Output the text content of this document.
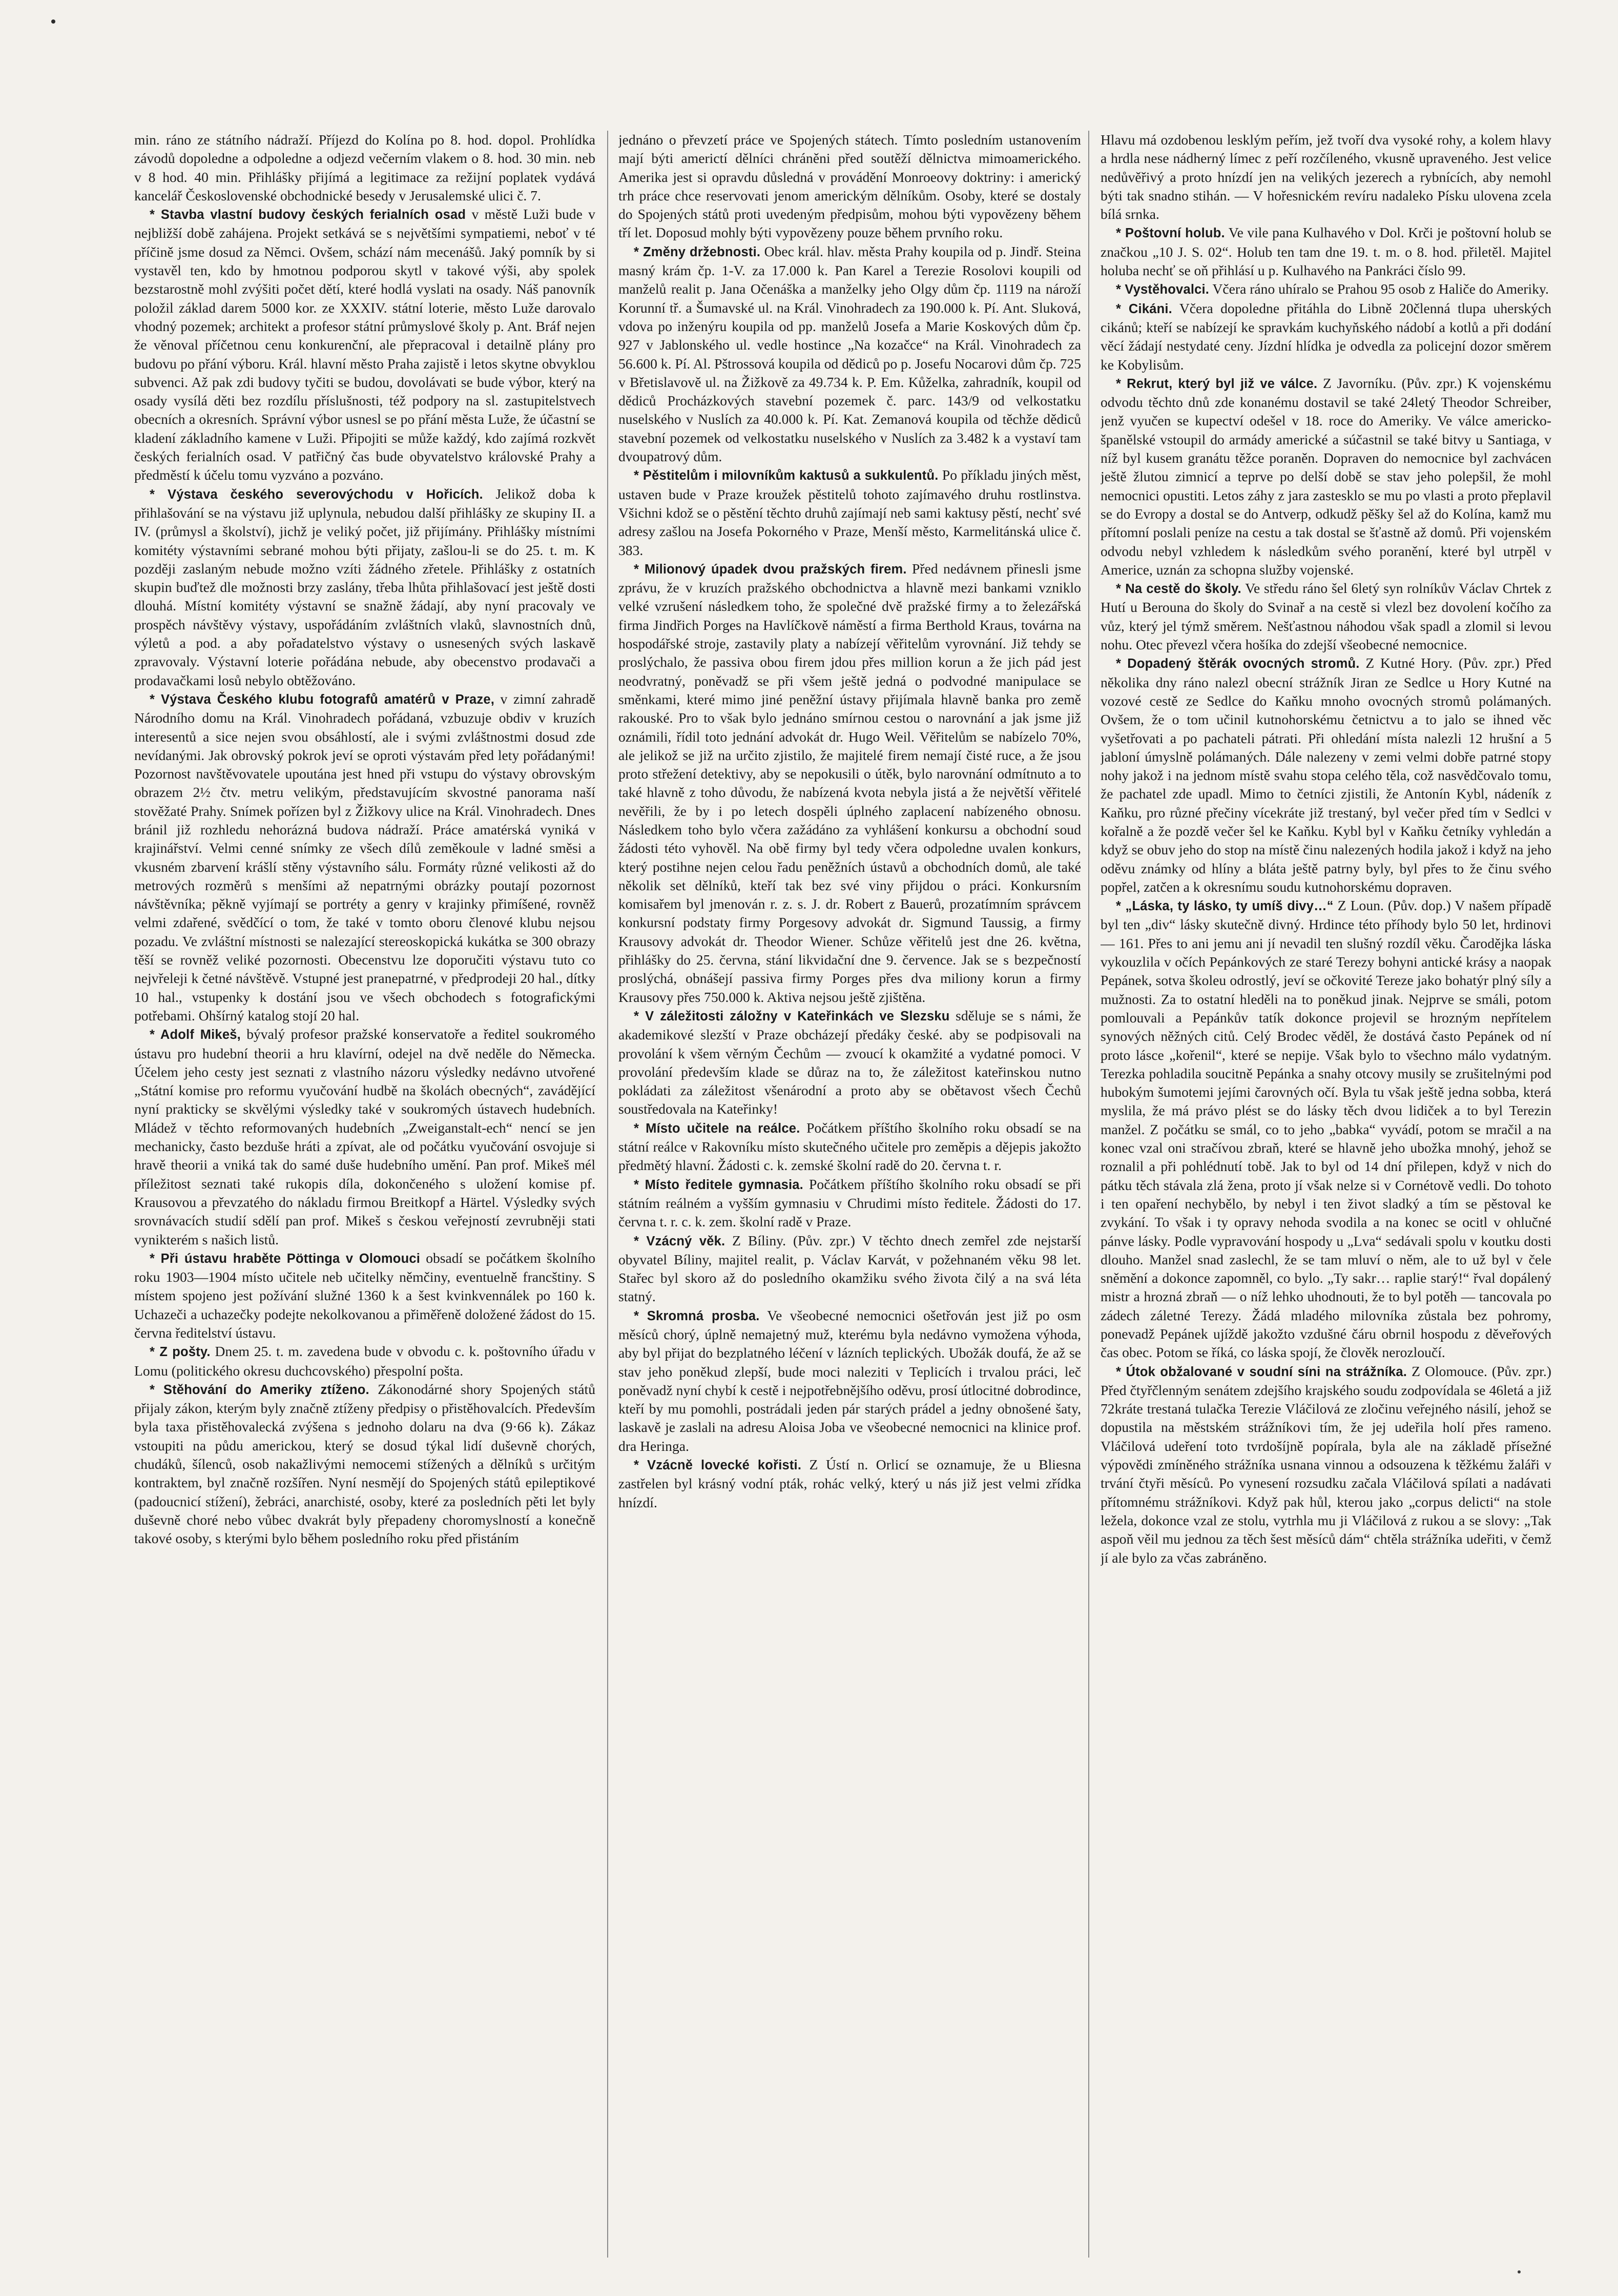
min. ráno ze státního nádraží. Příjezd do Kolína po 8. hod. dopol. Prohlídka závodů dopoledne a odpoledne a odjezd večerním vlakem o 8. hod. 30 min. neb v 8 hod. 40 min. Přihlášky přijímá a legitimace za režijní poplatek vydává kancelář Československé obchodnické besedy v Jerusalemské ulici č. 7.

* Stavba vlastní budovy českých ferialních osad v městě Luži bude v nejbližší době zahájena. Projekt setkává se s největšími sympatiemi, neboť v té příčině jsme dosud za Němci. Ovšem, schází nám mecenášů. Jaký pomník by si vystavěl ten, kdo by hmotnou podporou skytl v takové výši, aby spolek bezstarostně mohl zvýšiti počet dětí, které hodlá vyslati na osady. Náš panovník položil základ darem 5000 kor. ze XXXIV. státní loterie, město Luže darovalo vhodný pozemek; architekt a profesor státní průmyslové školy p. Ant. Bráf nejen že věnoval příčetnou cenu konkurenční, ale přepracoval i detailně plány pro budovu po přání výboru. Král. hlavní město Praha zajistě i letos skytne obvyklou subvenci. Až pak zdi budovy tyčiti se budou, dovolávati se bude výbor, který na osady vysílá děti bez rozdílu příslušnosti, též podpory na sl. zastupitelstvech obecních a okresních. Správní výbor usnesl se po přání města Luže, že účastní se kladení základního kamene v Luži. Připojiti se může každý, kdo zajímá rozkvět českých ferialních osad. V patřičný čas bude obyvatelstvo královské Prahy a předměstí k účelu tomu vyzváno a pozváno.

* Výstava českého severovýchodu v Hořicích. Jelikož doba k přihlašování se na výstavu již uplynula, nebudou další přihlášky ze skupiny II. a IV. (průmysl a školství), jichž je veliký počet, již přijímány. Přihlášky místními komitéty výstavními sebrané mohou býti přijaty, zašlou-li se do 25. t. m. K později zaslaným nebude možno vzíti žádného zřetele. Přihlášky z ostatních skupin buďtež dle možnosti brzy zaslány, třeba lhůta přihlašovací jest ještě dosti dlouhá. Místní komitéty výstavní se snažně žádají, aby nyní pracovaly ve prospěch návštěvy výstavy, uspořádáním zvláštních vlaků, slavnostních dnů, výletů a pod. a aby pořadatelstvo výstavy o usnesených svých laskavě zpravovaly. Výstavní loterie pořádána nebude, aby obecenstvo prodavači a prodavačkami losů nebylo obtěžováno.

* Výstava Českého klubu fotografů amatérů v Praze, v zimní zahradě Národního domu na Král. Vinohradech pořádaná, vzbuzuje obdiv v kruzích interesentů a sice nejen svou obsáhlostí, ale i svými zvláštnostmi dosud zde nevídanými. Jak obrovský pokrok jeví se oproti výstavám před lety pořádanými! Pozornost navštěvovatele upoutána jest hned při vstupu do výstavy obrovským obrazem 2½ čtv. metru velikým, představujícím skvostné panorama naší stověžaté Prahy. Snímek pořízen byl z Žižkovy ulice na Král. Vinohradech. Dnes bránil již rozhledu nehorázná budova nádraží. Práce amatérská vyniká v krajinářství. Velmi cenné snímky ze všech dílů zeměkoule v ladné směsi a vkusném zbarvení krášlí stěny výstavního sálu. Formáty různé velikosti až do metrových rozměrů s menšími až nepatrnými obrázky poutají pozornost návštěvníka; pěkně vyjímají se portréty a genry v krajinky přimíšené, rovněž velmi zdařené, svědčící o tom, že také v tomto oboru členové klubu nejsou pozadu. Ve zvláštní místnosti se nalezající stereoskopická kukátka se 300 obrazy těší se rovněž veliké pozornosti. Obecenstvu lze doporučiti výstavu tuto co nejvřeleji k četné návštěvě. Vstupné jest pranepatrné, v předprodeji 20 hal., dítky 10 hal., vstupenky k dostání jsou ve všech obchodech s fotografickými potřebami. Ohšírný katalog stojí 20 hal.

* Adolf Mikeš, bývalý profesor pražské konservatoře a ředitel soukromého ústavu pro hudební theorii a hru klavírní, odejel na dvě neděle do Německa. Účelem jeho cesty jest seznati z vlastního názoru výsledky nedávno utvořené „Státní komise pro reformu vyučování hudbě na školách obecných“, zavádějící nyní prakticky se skvělými výsledky také v soukromých ústavech hudebních. Mládež v těchto reformovaných hudebních „Zweiganstalt-ech“ nencí se jen mechanicky, často bezduše hráti a zpívat, ale od počátku vyučování osvojuje si hravě theorii a vniká tak do samé duše hudebního umění. Pan prof. Mikeš mél příležitost seznati také rukopis díla, dokončeného s uložení komise pf. Krausovou a převzatého do nákladu firmou Breitkopf a Härtel. Výsledky svých srovnávacích studií sdělí pan prof. Mikeš s českou veřejností zevrubněji stati vynikterém s našich listů.

* Při ústavu hraběte Pöttinga v Olomouci obsadí se počátkem školního roku 1903—1904 místo učitele neb učitelky němčiny, eventuelně francštiny. S místem spojeno jest požívání služné 1360 k a šest kvinkvennálek po 160 k. Uchazeči a uchazečky podejte nekolkovanou a přiměřeně doložené žádost do 15. června ředitelství ústavu.

* Z pošty. Dnem 25. t. m. zavedena bude v obvodu c. k. poštovního úřadu v Lomu (politického okresu duchcovského) přespolní pošta.

* Stěhování do Ameriky ztíženo. Zákonodárné shory Spojených států přijaly zákon, kterým byly značně ztíženy předpisy o přistěhovalcích. Především byla taxa přistěhovalecká zvýšena s jednoho dolaru na dva (9·66 k). Zákaz vstoupiti na půdu americkou, který se dosud týkal lidí duševně chorých, chudáků, šílenců, osob nakažlivými nemocemi stížených a dělníků s určitým kontraktem, byl značně rozšířen. Nyní nesmějí do Spojených států epileptikové (padoucnicí stížení), žebráci, anarchisté, osoby, které za posledních pěti let byly duševně choré nebo vůbec dvakrát byly přepadeny choromyslností a konečně takové osoby, s kterými bylo během posledního roku před přistáním

jednáno o převzetí práce ve Spojených státech. Tímto posledním ustanovením mají býti americtí dělníci chráněni před soutěží dělnictva mimoamerického. Amerika jest si opravdu důsledná v provádění Monroeovy doktriny: i americký trh práce chce reservovati jenom americkým dělníkům. Osoby, které se dostaly do Spojených států proti uvedeným předpisům, mohou býti vypovězeny během tří let. Doposud mohly býti vypovězeny pouze během prvního roku.

* Změny držebnosti. Obec král. hlav. města Prahy koupila od p. Jindř. Steina masný krám čp. 1-V. za 17.000 k. Pan Karel a Terezie Rosolovi koupili od manželů realit p. Jana Očenáška a manželky jeho Olgy dům čp. 1119 na nároží Korunní tř. a Šumavské ul. na Král. Vinohradech za 190.000 k. Pí. Ant. Sluková, vdova po inženýru koupila od pp. manželů Josefa a Marie Koskových dům čp. 927 v Jablonského ul. vedle hostince „Na kozačce“ na Král. Vinohradech za 56.600 k. Pí. Al. Pštrossová koupila od dědiců po p. Josefu Nocarovi dům čp. 725 v Břetislavově ul. na Žižkově za 49.734 k. P. Em. Kůželka, zahradník, koupil od dědiců Procházkových stavební pozemek č. parc. 143/9 od velkostatku nuselského v Nuslích za 40.000 k. Pí. Kat. Zemanová koupila od těchže dědiců stavební pozemek od velkostatku nuselského v Nuslích za 3.482 k a vystaví tam dvoupatrový dům.

* Pěstitelům i milovníkům kaktusů a sukkulentů. Po příkladu jiných měst, ustaven bude v Praze kroužek pěstitelů tohoto zajímavého druhu rostlinstva. Všichni kdož se o pěstění těchto druhů zajímají neb sami kaktusy pěstí, nechť své adresy zašlou na Josefa Pokorného v Praze, Menší město, Karmelitánská ulice č. 383.

* Milionový úpadek dvou pražských firem. Před nedávnem přinesli jsme zprávu, že v kruzích pražského obchodnictva a hlavně mezi bankami vzniklo velké vzrušení následkem toho, že společné dvě pražské firmy a to železářská firma Jindřich Porges na Havlíčkově náměstí a firma Berthold Kraus, továrna na hospodářské stroje, zastavily platy a nabízejí věřitelům vyrovnání. Již tehdy se proslýchalo, že passiva obou firem jdou přes million korun a že jich pád jest neodvratný, poněvadž se při všem ještě jedná o podvodné manipulace se směnkami, které mimo jiné peněžní ústavy přijímala hlavně banka pro země rakouské. Pro to však bylo jednáno smírnou cestou o narovnání a jak jsme již oznámili, řídil toto jednání advokát dr. Hugo Weil. Věřitelům se nabízelo 70%, ale jelikož se již na určito zjistilo, že majitelé firem nemají čisté ruce, a že jsou proto střežení detektivy, aby se nepokusili o útěk, bylo narovnání odmítnuto a to také hlavně z toho důvodu, že nabízená kvota nebyla jistá a že největší věřitelé nevěřili, že by i po letech dospěli úplného zaplacení nabízeného obnosu. Následkem toho bylo včera zažádáno za vyhlášení konkursu a obchodní soud žádosti této vyhověl. Na obě firmy byl tedy včera odpoledne uvalen konkurs, který postihne nejen celou řadu peněžních ústavů a obchodních domů, ale také několik set dělníků, kteří tak bez své viny přijdou o práci. Konkursním komisařem byl jmenován r. z. s. J. dr. Robert z Bauerů, prozatímním správcem konkursní podstaty firmy Porgesovy advokát dr. Sigmund Taussig, a firmy Krausovy advokát dr. Theodor Wiener. Schůze věřitelů jest dne 26. května, přihlášky do 25. června, stání likvidační dne 9. července. Jak se s bezpečností proslýchá, obnášejí passiva firmy Porges přes dva miliony korun a firmy Krausovy přes 750.000 k. Aktiva nejsou ještě zjištěna.

* V záležitosti záložny v Kateřinkách ve Slezsku sděluje se s námi, že akademikové slezští v Praze obcházejí předáky české. aby se podpisovali na provolání k všem věrným Čechům — zvoucí k okamžité a vydatné pomoci. V provolání především klade se důraz na to, že záležitost kateřinskou nutno pokládati za záležitost všenárodní a proto aby se obětavost všech Čechů soustředovala na Kateřinky!

* Místo učitele na reálce. Počátkem příštího školního roku obsadí se na státní reálce v Rakovníku místo skutečného učitele pro zeměpis a dějepis jakožto předmětý hlavní. Žádosti c. k. zemské školní radě do 20. června t. r.

* Místo ředitele gymnasia. Počátkem příštího školního roku obsadí se při státním reálném a vyšším gymnasiu v Chrudimi místo ředitele. Žádosti do 17. června t. r. c. k. zem. školní radě v Praze.

* Vzácný věk. Z Bíliny. (Pův. zpr.) V těchto dnech zemřel zde nejstarší obyvatel Bíliny, majitel realit, p. Václav Karvát, v požehnaném věku 98 let. Stařec byl skoro až do posledního okamžiku svého života čilý a na svá léta statný.

* Skromná prosba. Ve všeobecné nemocnici ošetřován jest již po osm měsíců chorý, úplně nemajetný muž, kterému byla nedávno vymožena výhoda, aby byl přijat do bezplatného léčení v lázních teplických. Ubožák doufá, že až se stav jeho poněkud zlepší, bude moci naleziti v Teplicích i trvalou práci, leč poněvadž nyní chybí k cestě i nejpotřebnějšího oděvu, prosí útlocitné dobrodince, kteří by mu pomohli, postrádali jeden pár starých prádel a jedny obnošené šaty, laskavě je zaslali na adresu Aloisa Joba ve všeobecné nemocnici na klinice prof. dra Heringa.

* Vzácně lovecké kořisti. Z Ústí n. Orlicí se oznamuje, že u Bliesna zastřelen byl krásný vodní pták, rohác velký, který u nás již jest velmi zřídka hnízdí.

Hlavu má ozdobenou lesklým peřím, jež tvoří dva vysoké rohy, a kolem hlavy a hrdla nese nádherný límec z peří rozčíleného, vkusně upraveného. Jest velice nedůvěřivý a proto hnízdí jen na velikých jezerech a rybnících, aby nemohl býti tak snadno stihán. — V hořesnickém revíru nadaleko Písku ulovena zcela bílá srnka.

* Poštovní holub. Ve vile pana Kulhavého v Dol. Krči je poštovní holub se značkou „10 J. S. 02“. Holub ten tam dne 19. t. m. o 8. hod. přiletěl. Majitel holuba nechť se oň přihlásí u p. Kulhavého na Pankráci číslo 99.

* Vystěhovalci. Včera ráno uhíralo se Prahou 95 osob z Haliče do Ameriky.

* Cikáni. Včera dopoledne přitáhla do Libně 20členná tlupa uherských cikánů; kteří se nabízejí ke spravkám kuchyňského nádobí a kotlů a při dodání věcí žádají nestydaté ceny. Jízdní hlídka je odvedla za policejní dozor směrem ke Kobylisům.

* Rekrut, který byl již ve válce. Z Javorníku. (Pův. zpr.) K vojenskému odvodu těchto dnů zde konanému dostavil se také 24letý Theodor Schreiber, jenž vyučen se kupectví odešel v 18. roce do Ameriky. Ve válce americko-španělské vstoupil do armády americké a súčastnil se také bitvy u Santiaga, v níž byl kusem granátu těžce poraněn. Dopraven do nemocnice byl zachvácen ještě žlutou zimnicí a teprve po delší době se stav jeho polepšil, že mohl nemocnici opustiti. Letos záhy z jara zastesklo se mu po vlasti a proto přeplavil se do Evropy a dostal se do Antverp, odkudž pěšky šel až do Kolína, kamž mu přítomní poslali peníze na cestu a tak dostal se šťastně až domů. Při vojenském odvodu nebyl vzhledem k následkům svého poranění, které byl utrpěl v Americe, uznán za schopna služby vojenské.

* Na cestě do školy. Ve středu ráno šel 6letý syn rolníkův Václav Chrtek z Hutí u Berouna do školy do Svinař a na cestě si vlezl bez dovolení kočího za vůz, který jel týmž směrem. Nešťastnou náhodou však spadl a zlomil si levou nohu. Otec převezl včera hošíka do zdejší všeobecné nemocnice.

* Dopadený štěrák ovocných stromů. Z Kutné Hory. (Pův. zpr.) Před několika dny ráno nalezl obecní strážník Jiran ze Sedlce u Hory Kutné na vozové cestě ze Sedlce do Kaňku mnoho ovocných stromů polámaných. Ovšem, že o tom učinil kutnohorskému četnictvu a to jalo se ihned věc vyšetřovati a po pachateli pátrati. Při ohledání místa nalezli 12 hrušní a 5 jabloní úmyslně polámaných. Dále nalezeny v zemi velmi dobře patrné stopy nohy jakož i na jednom místě svahu stopa celého těla, což nasvědčovalo tomu, že pachatel zde upadl. Mimo to četníci zjistili, že Antonín Kybl, nádeník z Kaňku, pro různé přečiny vícekráte již trestaný, byl večer před tím v Sedlci v kořalně a že pozdě večer šel ke Kaňku. Kybl byl v Kaňku četníky vyhledán a když se obuv jeho do stop na místě činu nalezených hodila jakož i když na jeho oděvu známky od hlíny a bláta ještě patrny byly, byl přes to že činu svého popřel, zatčen a k okresnímu soudu kutnohorskému dopraven.

* „Láska, ty lásko, ty umíš divy…“ Z Loun. (Pův. dop.) V našem případě byl ten „div“ lásky skutečně divný. Hrdince této příhody bylo 50 let, hrdinovi — 161. Přes to ani jemu ani jí nevadil ten slušný rozdíl věku. Čarodějka láska vykouzlila v očích Pepánkových ze staré Terezy bohyni antické krásy a naopak Pepánek, sotva školeu odrostlý, jeví se očkovité Tereze jako bohatýr plný síly a mužnosti. Za to ostatní hleděli na to poněkud jinak. Nejprve se smáli, potom pomlouvali a Pepánkův tatík dokonce projevil se hrozným nepřítelem synových něžných citů. Celý Brodec věděl, že dostává často Pepánek od ní proto lásce „kořenil“, které se nepije. Však bylo to všechno málo vydatným. Terezka pohladila soucitně Pepánka a snahy otcovy musily se zrušitelnými pod hubokým šumotemi jejími čarovných očí. Byla tu však ještě jedna sobba, která myslila, že má právo plést se do lásky těch dvou lidiček a to byl Terezin manžel. Z počátku se smál, co to jeho „babka“ vyvádí, potom se mračil a na konec vzal oni stračívou zbraň, které se hlavně jeho ubožka mnohý, jehož se roznalil a při pohlédnutí tobě. Jak to byl od 14 dní přilepen, když v nich do pátku těch stávala zlá žena, proto jí však nelze si v Cornétově vedli. Do tohoto i ten opaření nechybělo, by nebyl i ten život sladký a tím se pěstoval ke zvykání. To však i ty opravy nehoda svodila a na konec se ocitl v ohlučné pánve lásky. Podle vypravování hospody u „Lva“ sedávali spolu v koutku dosti dlouho. Manžel snad zaslechl, že se tam mluví o něm, ale to už byl v čele sněmění a dokonce zapomněl, co bylo. „Ty sakr… raplie starý!“ řval dopálený mistr a hrozná zbraň — o níž lehko uhodnouti, že to byl potěh — tancovala po zádech záletné Terezy. Žádá mladého milovníka zůstala bez pohromy, ponevadž Pepánek ujíždě jakožto vzdušné čáru obrnil hospodu z děveřových čas obec. Potom se říká, co láska spojí, že člověk nerozloučí.

* Útok obžalované v soudní síni na strážníka. Z Olomouce. (Pův. zpr.) Před čtyřčlenným senátem zdejšího krajského soudu zodpovídala se 46letá a již 72kráte trestaná tulačka Terezie Vláčilová ze zločinu veřejného násilí, jehož se dopustila na městském strážníkovi tím, že jej udeřila holí přes rameno. Vláčilová udeření toto tvrdošíjně popírala, byla ale na základě přísežné výpovědi zmíněného strážníka usnana vinnou a odsouzena k těžkému žaláři v trvání čtyři měsíců. Po vynesení rozsudku začala Vláčilová spílati a nadávati přítomnému strážníkovi. Když pak hůl, kterou jako „corpus delicti“ na stole ležela, dokonce vzal ze stolu, vytrhla mu ji Vláčilová z rukou a se slovy: „Tak aspoň věil mu jednou za těch šest měsíců dám“ chtěla strážníka udeřiti, v čemž jí ale bylo za včas zabráněno.
